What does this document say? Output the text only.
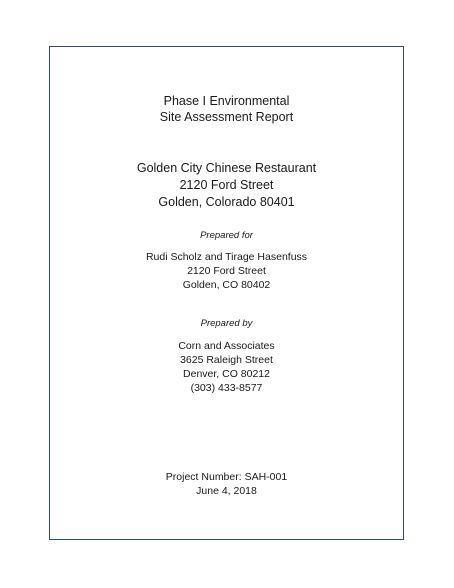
Phase I Environmental
Site Assessment Report
Golden City Chinese Restaurant
2120 Ford Street
Golden, Colorado 80401
Prepared for
Rudi Scholz and Tirage Hasenfuss
2120 Ford Street
Golden, CO 80402
Prepared by
Corn and Associates
3625 Raleigh Street
Denver, CO 80212
(303) 433-8577
Project Number: SAH-001
June 4, 2018
